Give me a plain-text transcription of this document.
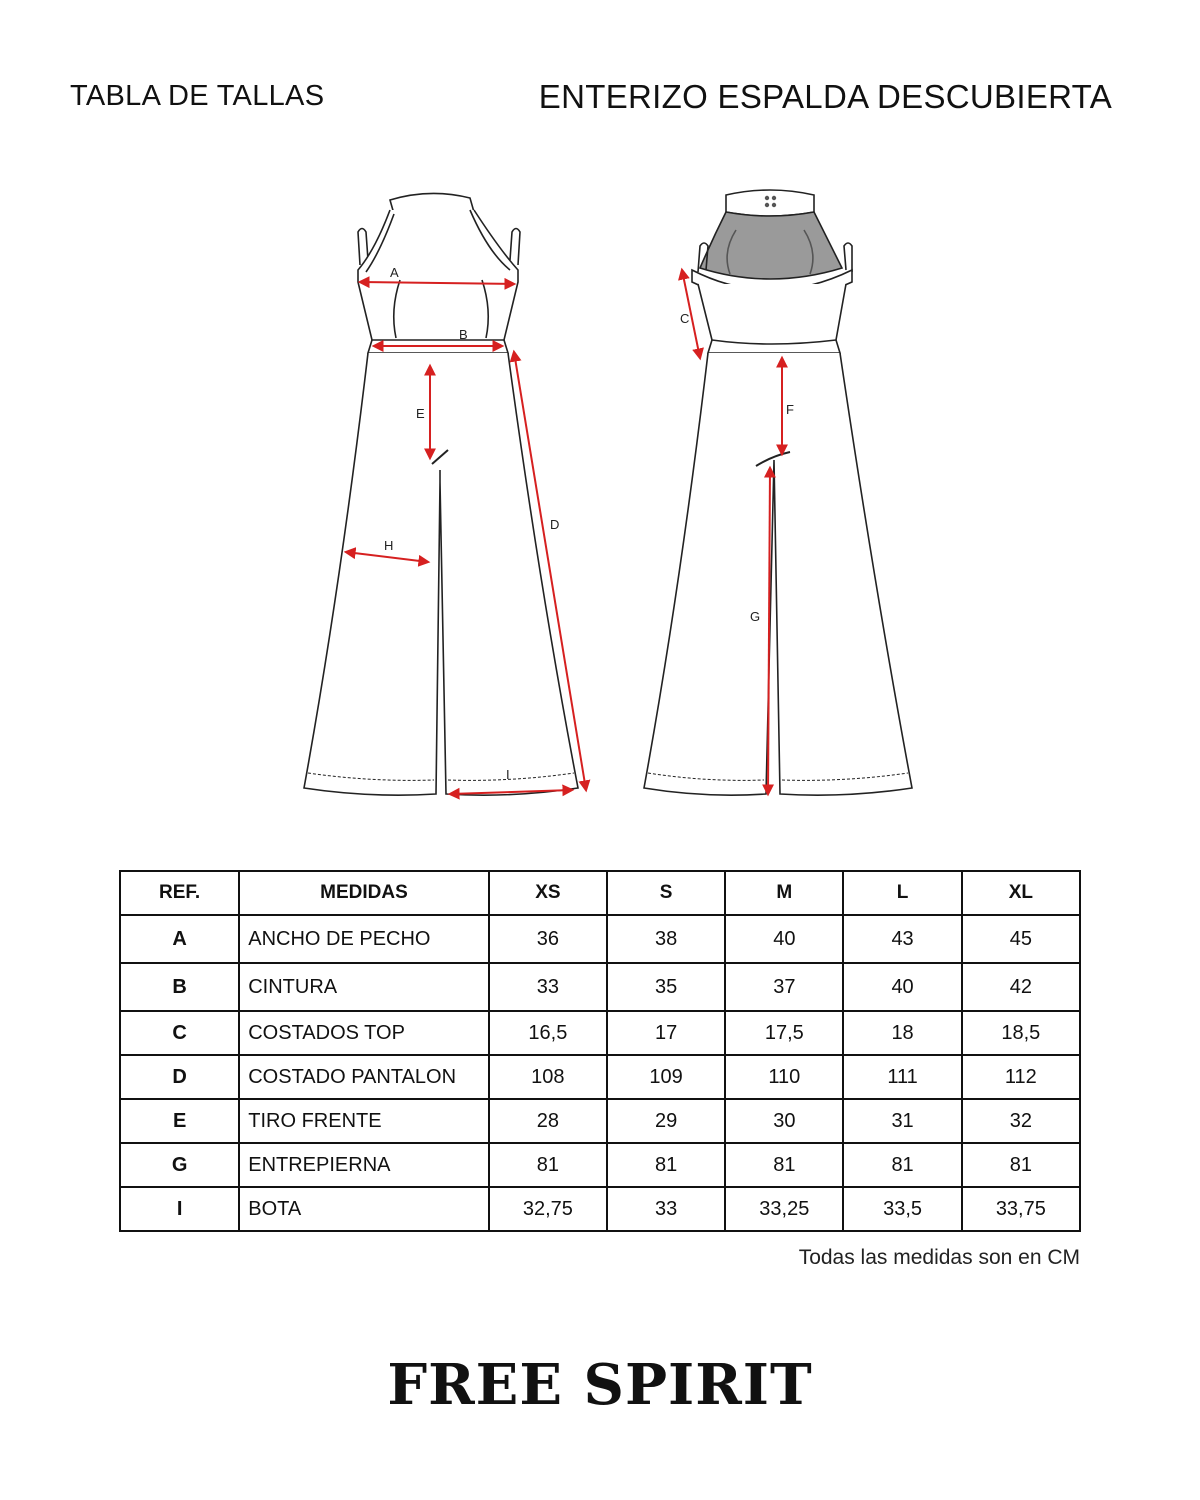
TABLA DE TALLAS	ENTERIZO ESPALDA DESCUBIERTA
A
B
E
D
H
I
C
F
G
REF.	MEDIDAS	XS	S	M	L	XL
A	ANCHO DE PECHO	36	38	40	43	45
B	CINTURA	33	35	37	40	42
C	COSTADOS TOP	16,5	17	17,5	18	18,5
D	COSTADO PANTALON	108	109	110	111	112
E	TIRO FRENTE	28	29	30	31	32
G	ENTREPIERNA	81	81	81	81	81
I	BOTA	32,75	33	33,25	33,5	33,75
Todas las medidas son en CM
FREE SPIRIT
